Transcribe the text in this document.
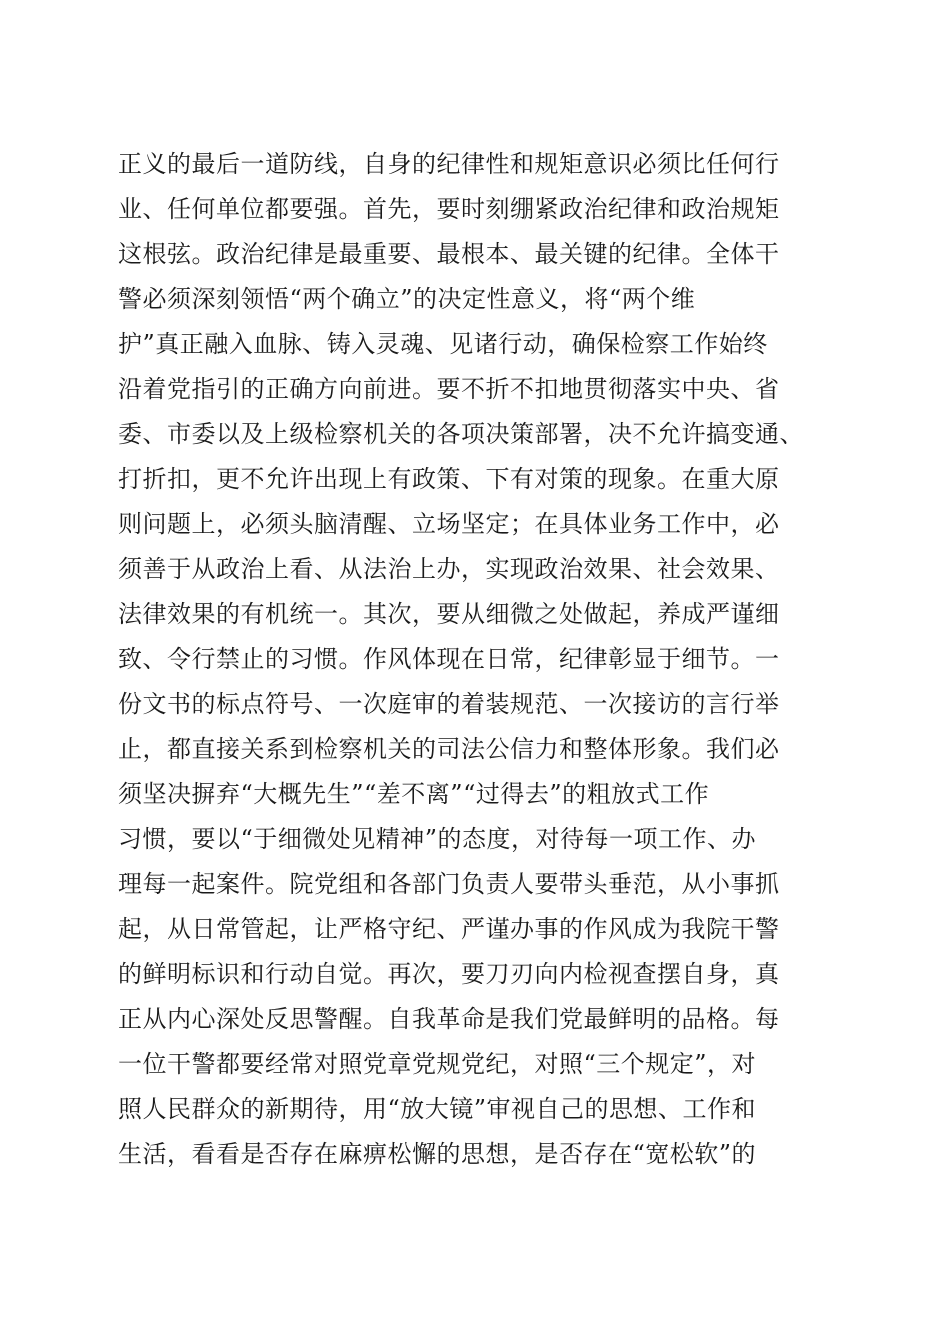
正义的最后一道防线，自身的纪律性和规矩意识必须比任何行
业、任何单位都要强。首先，要时刻绷紧政治纪律和政治规矩
这根弦。政治纪律是最重要、最根本、最关键的纪律。全体干
警必须深刻领悟“两个确立”的决定性意义，将“两个维
护”真正融入血脉、铸入灵魂、见诸行动，确保检察工作始终
沿着党指引的正确方向前进。要不折不扣地贯彻落实中央、省
委、市委以及上级检察机关的各项决策部署，决不允许搞变通、
打折扣，更不允许出现上有政策、下有对策的现象。在重大原
则问题上，必须头脑清醒、立场坚定；在具体业务工作中，必
须善于从政治上看、从法治上办，实现政治效果、社会效果、
法律效果的有机统一。其次，要从细微之处做起，养成严谨细
致、令行禁止的习惯。作风体现在日常，纪律彰显于细节。一
份文书的标点符号、一次庭审的着装规范、一次接访的言行举
止，都直接关系到检察机关的司法公信力和整体形象。我们必
须坚决摒弃“大概先生”“差不离”“过得去”的粗放式工作
习惯，要以“于细微处见精神”的态度，对待每一项工作、办
理每一起案件。院党组和各部门负责人要带头垂范，从小事抓
起，从日常管起，让严格守纪、严谨办事的作风成为我院干警
的鲜明标识和行动自觉。再次，要刀刃向内检视查摆自身，真
正从内心深处反思警醒。自我革命是我们党最鲜明的品格。每
一位干警都要经常对照党章党规党纪，对照“三个规定”，对
照人民群众的新期待，用“放大镜”审视自己的思想、工作和
生活，看看是否存在麻痹松懈的思想，是否存在“宽松软”的
